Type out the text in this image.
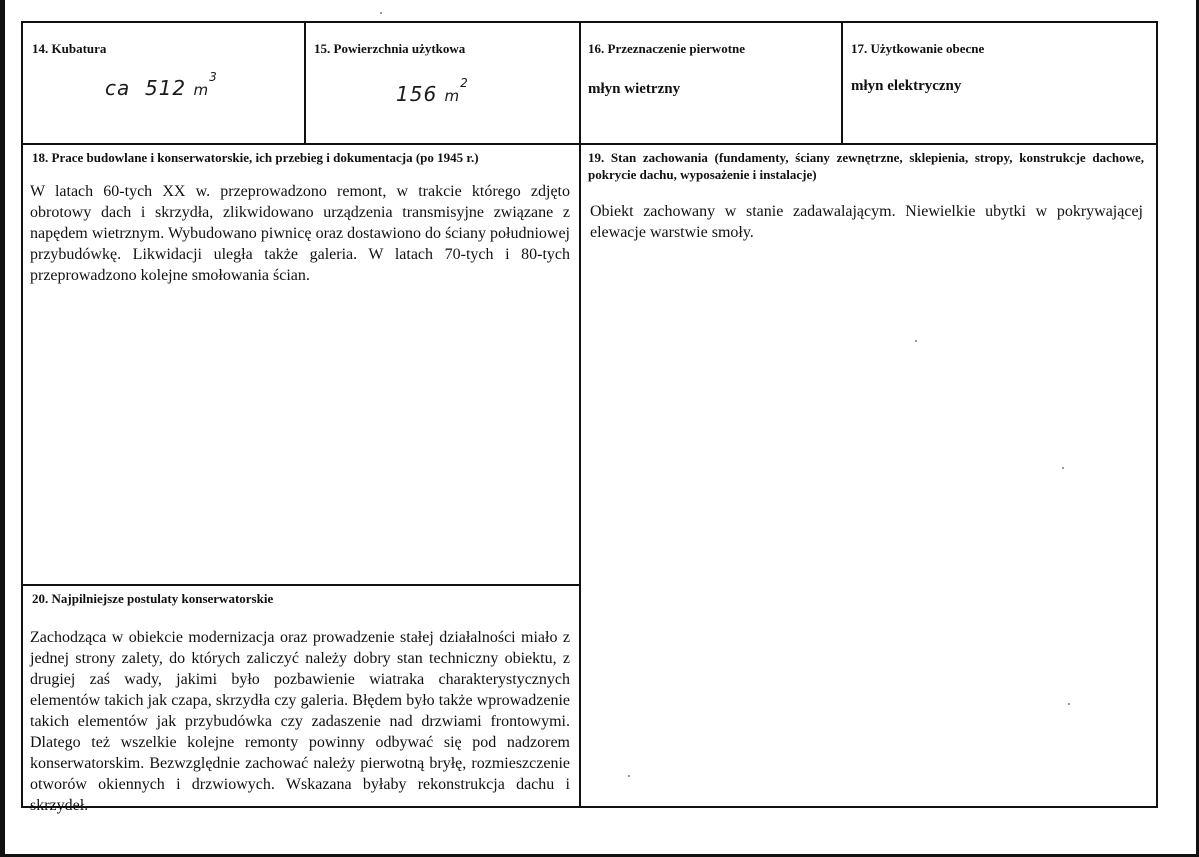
14. Kubatura
ca 512 $m^3$
15. Powierzchnia użytkowa
156 $m^2$
16. Przeznaczenie pierwotne
młyn wietrzny
17. Użytkowanie obecne
młyn elektryczny
18. Prace budowlane i konserwatorskie, ich przebieg i dokumentacja (po 1945 r.)
W latach 60-tych XX w. przeprowadzono remont, w trakcie którego zdjęto obrotowy dach i skrzydła, zlikwidowano urządzenia transmisyjne związane z napędem wietrznym. Wybudowano piwnicę oraz dostawiono do ściany południowej przybudówkę. Likwidacji uległa także galeria. W latach 70-tych i 80-tych przeprowadzono kolejne smołowania ścian.
19. Stan zachowania (fundamenty, ściany zewnętrzne, sklepienia, stropy, konstrukcje dachowe, pokrycie dachu, wyposażenie i instalacje)
Obiekt zachowany w stanie zadawalającym. Niewielkie ubytki w pokrywającej elewacje warstwie smoły.
20. Najpilniejsze postulaty konserwatorskie
Zachodząca w obiekcie modernizacja oraz prowadzenie stałej działalności miało z jednej strony zalety, do których zaliczyć należy dobry stan techniczny obiektu, z drugiej zaś wady, jakimi było pozbawienie wiatraka charakterystycznych elementów takich jak czapa, skrzydła czy galeria. Błędem było także wprowadzenie takich elementów jak przybudówka czy zadaszenie nad drzwiami frontowymi. Dlatego też wszelkie kolejne remonty powinny odbywać się pod nadzorem konserwatorskim. Bezwzględnie zachować należy pierwotną bryłę, rozmieszczenie otworów okiennych i drzwiowych. Wskazana byłaby rekonstrukcja dachu i skrzydeł.
